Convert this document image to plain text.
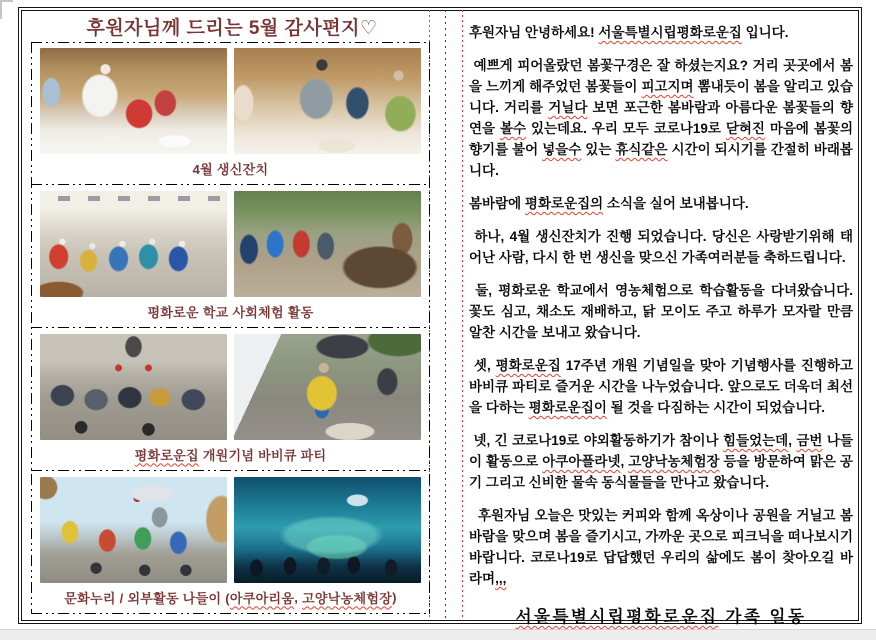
후원자님께 드리는 5월 감사편지♡
4월 생신잔치
평화로운 학교 사회체험 활동
평화로운집 개원기념 바비큐 파티
문화누리 / 외부활동 나들이 ( 아쿠아리움 , 고양낙농체험장 )

후원자님 안녕하세요! 서울특별시립평화로운집 입니다.

예쁘게 피어올랐던 봄꽃구경은 잘 하셨는지요? 거리 곳곳에서 봄을 느끼게 해주었던 봄꽃들이 피고지며 뽐내듯이 봄을 알리고 있습니다. 거리를 거닐다 보면 포근한 봄바람과 아름다운 봄꽃들의 향연을 볼수 있는데요. 우리 모두 코로나19로 닫혀진 마음에 봄꽃의 향기를 불어 넣을수 있는 휴식같은 시간이 되시기를 간절히 바래봅니다.

봄바람에 평화로운집의 소식을 실어 보내봅니다.

하나, 4월 생신잔치가 진행 되었습니다. 당신은 사랑받기위해 태어난 사람, 다시 한 번 생신을 맞으신 가족여러분들 축하드립니다.

둘, 평화로운 학교에서 영농체험으로 학습활동을 다녀왔습니다. 꽃도 심고, 채소도 재배하고, 닭 모이도 주고 하루가 모자랄 만큼 알찬 시간을 보내고 왔습니다.

셋, 평화로운집 17주년 개원 기념일을 맞아 기념행사를 진행하고 바비큐 파티로 즐거운 시간을 나누었습니다. 앞으로도 더욱더 최선을 다하는 평화로운집이 될 것을 다짐하는 시간이 되었습니다.

넷, 긴 코로나19로 야외활동하기가 참이나 힘들었는데, 금번 나들이 활동으로 아쿠아플라넷, 고양낙농체험장 등을 방문하여 맑은 공기 그리고 신비한 물속 동식물들을 만나고 왔습니다.

후원자님 오늘은 맛있는 커피와 함께 옥상이나 공원을 거닐고 봄바람을 맞으며 봄을 즐기시고, 가까운 곳으로 피크닉을 떠나보시기 바랍니다. 코로나19로 답답했던 우리의 삶에도 봄이 찾아오길 바라며,,,

서울특별시립평화로운집 가족 일동
